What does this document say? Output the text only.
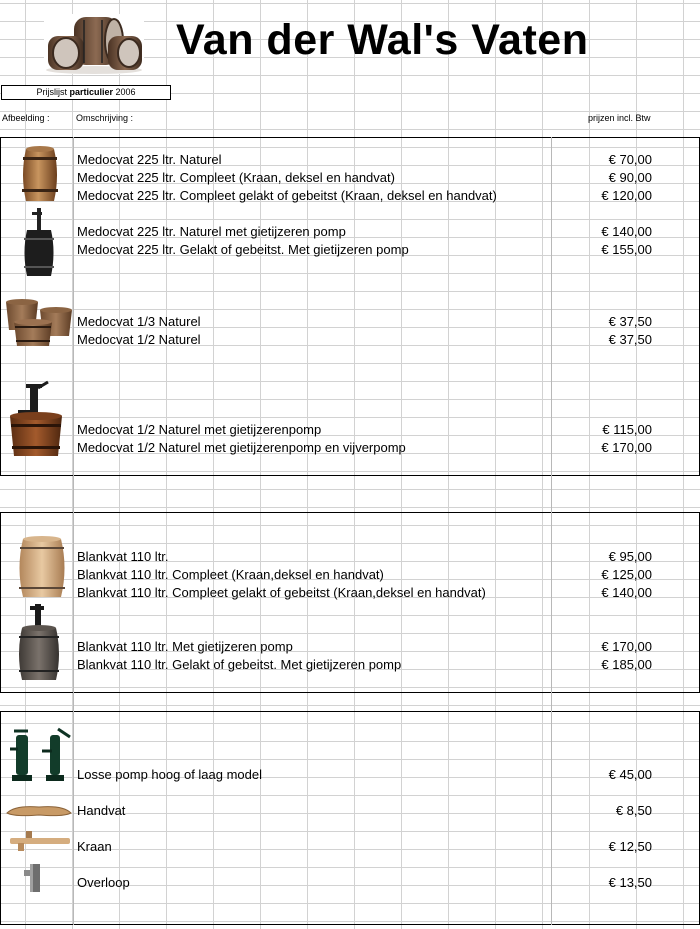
Van der Wal's Vaten
Prijslijst particulier 2006
Afbeelding :	Omschrijving :	prijzen incl. Btw
Medocvat 225 ltr. Naturel	€ 70,00
Medocvat 225 ltr. Compleet (Kraan, deksel en handvat)	€ 90,00
Medocvat 225 ltr. Compleet gelakt of gebeitst (Kraan, deksel en handvat)	€ 120,00
Medocvat 225 ltr. Naturel met gietijzeren pomp	€ 140,00
Medocvat 225 ltr. Gelakt of gebeitst. Met gietijzeren pomp	€ 155,00
Medocvat 1/3 Naturel	€ 37,50
Medocvat 1/2 Naturel	€ 37,50
Medocvat 1/2 Naturel met gietijzerenpomp	€ 115,00
Medocvat 1/2 Naturel met gietijzerenpomp en vijverpomp	€ 170,00
Blankvat 110 ltr.	€ 95,00
Blankvat 110 ltr. Compleet (Kraan,deksel en handvat)	€ 125,00
Blankvat 110 ltr. Compleet gelakt of gebeitst (Kraan,deksel en handvat)	€ 140,00
Blankvat 110 ltr. Met gietijzeren pomp	€ 170,00
Blankvat 110 ltr. Gelakt of gebeitst. Met gietijzeren pomp	€ 185,00
Losse pomp hoog of laag model	€ 45,00
Handvat	€ 8,50
Kraan	€ 12,50
Overloop	€ 13,50
